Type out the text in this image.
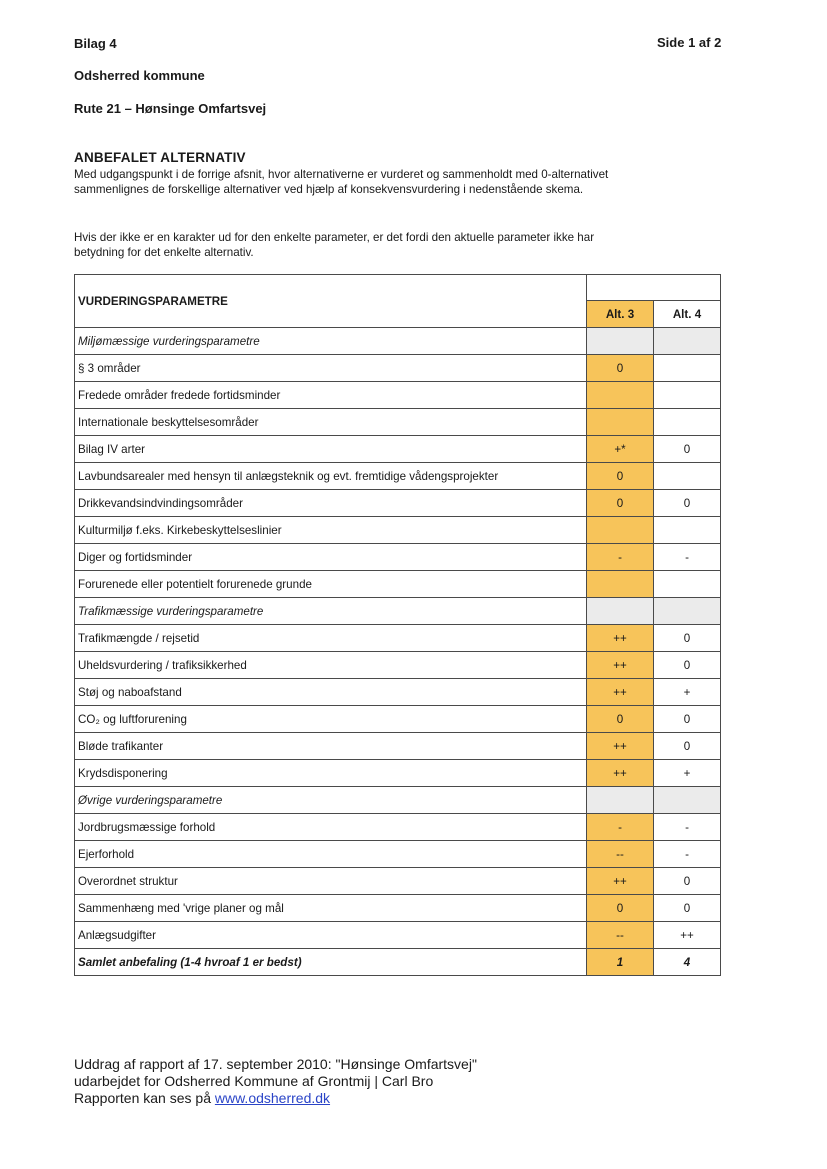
Bilag 4	Side 1 af 2
Odsherred kommune
Rute 21 – Hønsinge Omfartsvej
ANBEFALET ALTERNATIV
Med udgangspunkt i de forrige afsnit, hvor alternativerne er vurderet og sammenholdt med 0-alternativet sammenlignes de forskellige alternativer ved hjælp af konsekvensvurdering i nedenstående skema.
Hvis der ikke er en karakter ud for den enkelte parameter, er det fordi den aktuelle parameter ikke har betydning for det enkelte alternativ.
VURDERINGSPARAMETRE		
	Alt. 3	Alt. 4
Miljømæssige vurderingsparametre		
§ 3 områder	0	
Fredede områder fredede fortidsminder		
Internationale beskyttelsesområder		
Bilag IV arter	+*	0
Lavbundsarealer med hensyn til anlægsteknik og evt. fremtidige vådengsprojekter	0	
Drikkevandsindvindingsområder	0	0
Kulturmiljø f.eks. Kirkebeskyttelseslinier		
Diger og fortidsminder	-	-
Forurenede eller potentielt forurenede grunde		
Trafikmæssige vurderingsparametre		
Trafikmængde / rejsetid	++	0
Uheldsvurdering / trafiksikkerhed	++	0
Støj og naboafstand	++	+
CO₂ og luftforurening	0	0
Bløde trafikanter	++	0
Krydsdisponering	++	+
Øvrige vurderingsparametre		
Jordbrugsmæssige forhold	-	-
Ejerforhold	--	-
Overordnet struktur	++	0
Sammenhæng med 'vrige planer og mål	0	0
Anlægsudgifter	--	++
Samlet anbefaling (1-4 hvroaf 1 er bedst)	1	4
Uddrag af rapport af 17. september 2010: "Hønsinge Omfartsvej"
udarbejdet for Odsherred Kommune af Grontmij | Carl Bro
Rapporten kan ses på www.odsherred.dk
